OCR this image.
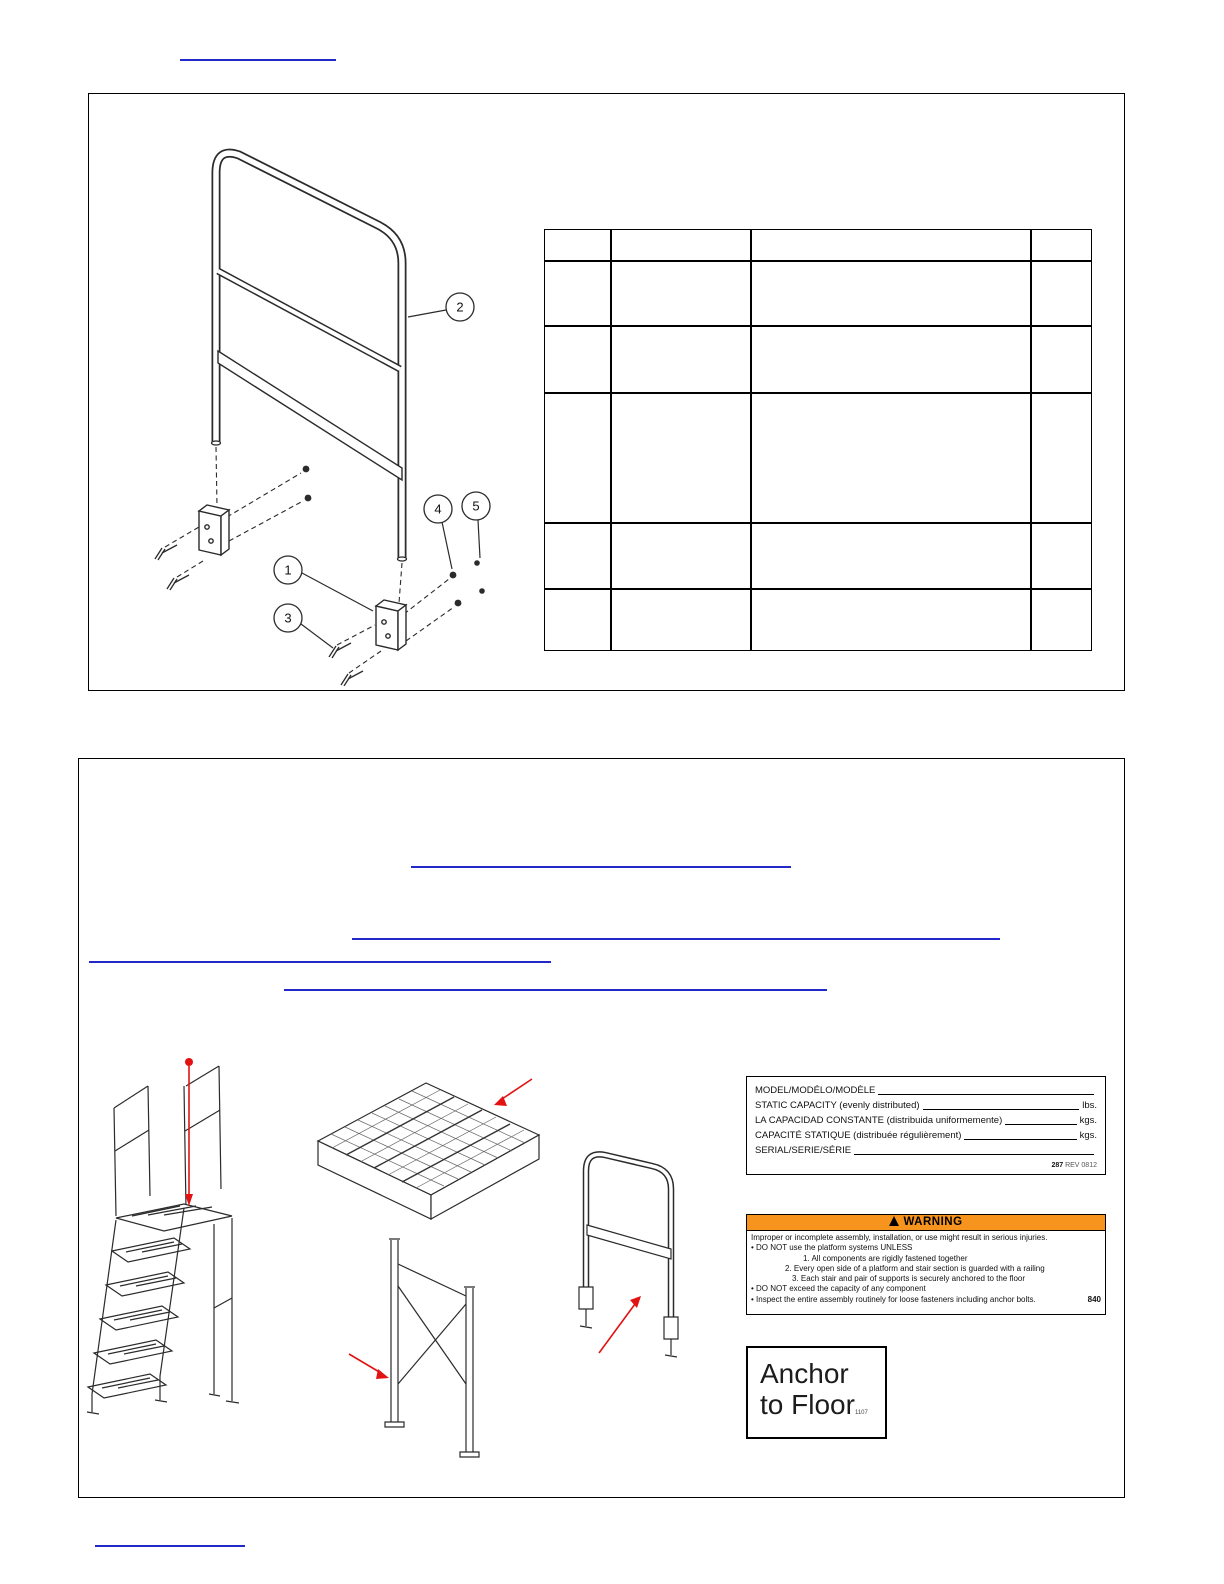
2
4 5
1
3
MODEL/MODÉLO/MODÈLE
STATIC CAPACITY (evenly distributed)	lbs.
LA CAPACIDAD CONSTANTE (distribuida uniformemente)	kgs.
CAPACITÉ STATIQUE (distribuée régulièrement)	kgs.
SERIAL/SERIE/SÉRIE
287 REV 0812
WARNING
Improper or incomplete assembly, installation, or use might result in serious injuries.
• DO NOT use the platform systems UNLESS
1. All components are rigidly fastened together
2. Every open side of a platform and stair section is guarded with a railing
3. Each stair and pair of supports is securely anchored to the floor
• DO NOT exceed the capacity of any component
• Inspect the entire assembly routinely for loose fasteners including anchor bolts.	840
Anchor
to Floor1107
